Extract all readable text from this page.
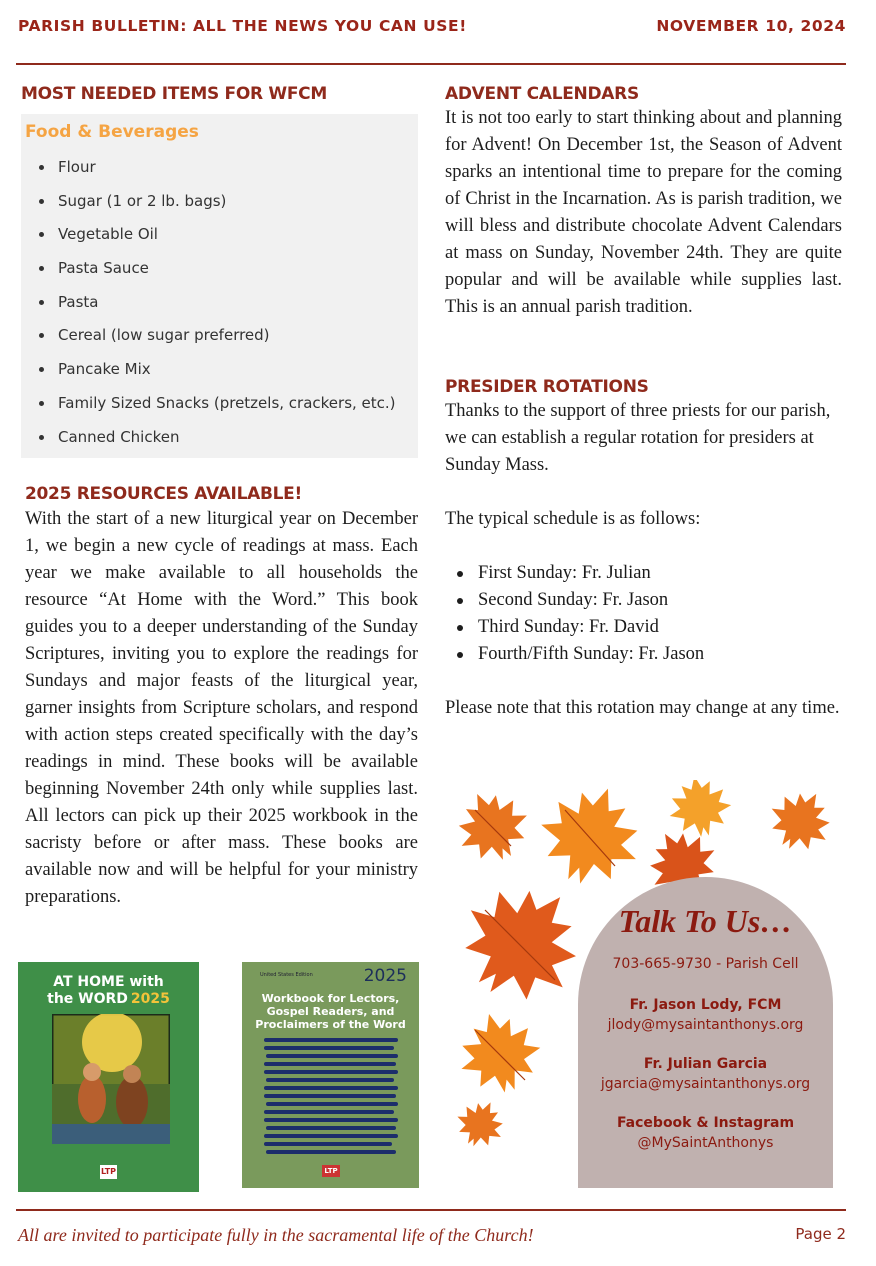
PARISH BULLETIN: ALL THE NEWS YOU CAN USE!	NOVEMBER 10, 2024
MOST NEEDED ITEMS FOR WFCM
Food & Beverages
Flour
Sugar (1 or 2 lb. bags)
Vegetable Oil
Pasta Sauce
Pasta
Cereal (low sugar preferred)
Pancake Mix
Family Sized Snacks (pretzels, crackers, etc.)
Canned Chicken
2025 RESOURCES AVAILABLE!
With the start of a new liturgical year on December 1, we begin a new cycle of readings at mass. Each year we make available to all households the resource “At Home with the Word.” This book guides you to a deeper understanding of the Sunday Scriptures, inviting you to explore the readings for Sundays and major feasts of the liturgical year, garner insights from Scripture scholars, and respond with action steps created specifically with the day’s readings in mind. These books will be available beginning November 24th only while supplies last. All lectors can pick up their 2025 workbook in the sacristy before or after mass. These books are available now and will be helpful for your ministry preparations.
AT HOME with
the WORD 2025
LTP
United States Edition	2025
Workbook for Lectors,
Gospel Readers, and
Proclaimers of the Word
LTP
ADVENT CALENDARS
It is not too early to start thinking about and planning for Advent! On December 1st, the Season of Advent sparks an intentional time to prepare for the coming of Christ in the Incarnation. As is parish tradition, we will bless and distribute chocolate Advent Calendars at mass on Sunday, November 24th. They are quite popular and will be available while supplies last. This is an annual parish tradition.
PRESIDER ROTATIONS
Thanks to the support of three priests for our parish, we can establish a regular rotation for presiders at Sunday Mass.
The typical schedule is as follows:
First Sunday: Fr. Julian
Second Sunday: Fr. Jason
Third Sunday: Fr. David
Fourth/Fifth Sunday: Fr. Jason
Please note that this rotation may change at any time.
Talk To Us…
703-665-9730 - Parish Cell
Fr. Jason Lody, FCM
jlody@mysaintanthonys.org
Fr. Julian Garcia
jgarcia@mysaintanthonys.org
Facebook & Instagram
@MySaintAnthonys
All are invited to participate fully in the sacramental life of the Church!	Page 2
